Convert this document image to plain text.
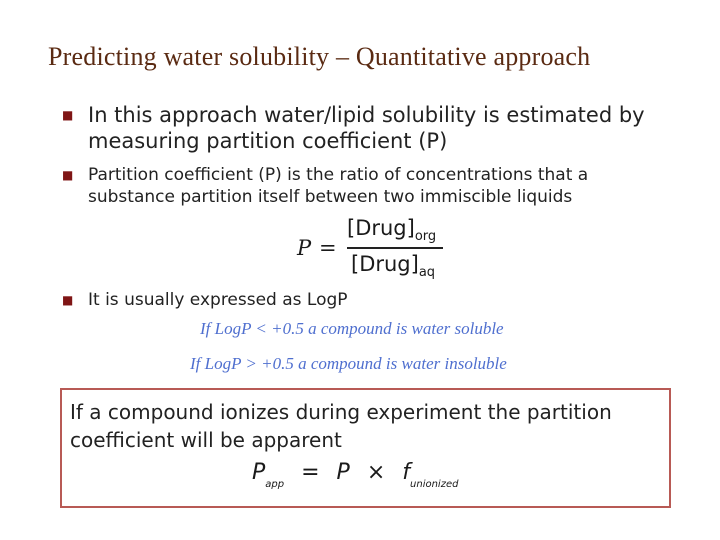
Predicting water solubility – Quantitative approach
■ In this approach water/lipid solubility is estimated by
measuring partition coefficient (P)
■ Partition coefficient (P) is the ratio of concentrations that a
substance partition itself between two immiscible liquids
P =
$[Drug]_{org}$
$[Drug]_{aq}$
■ It is usually expressed as LogP
If LogP < +0.5 a compound is water soluble
If LogP > +0.5 a compound is water insoluble
If a compound ionizes during experiment the partition
coefficient will be apparent
$P_{app} = P \times f_{unionized}$
